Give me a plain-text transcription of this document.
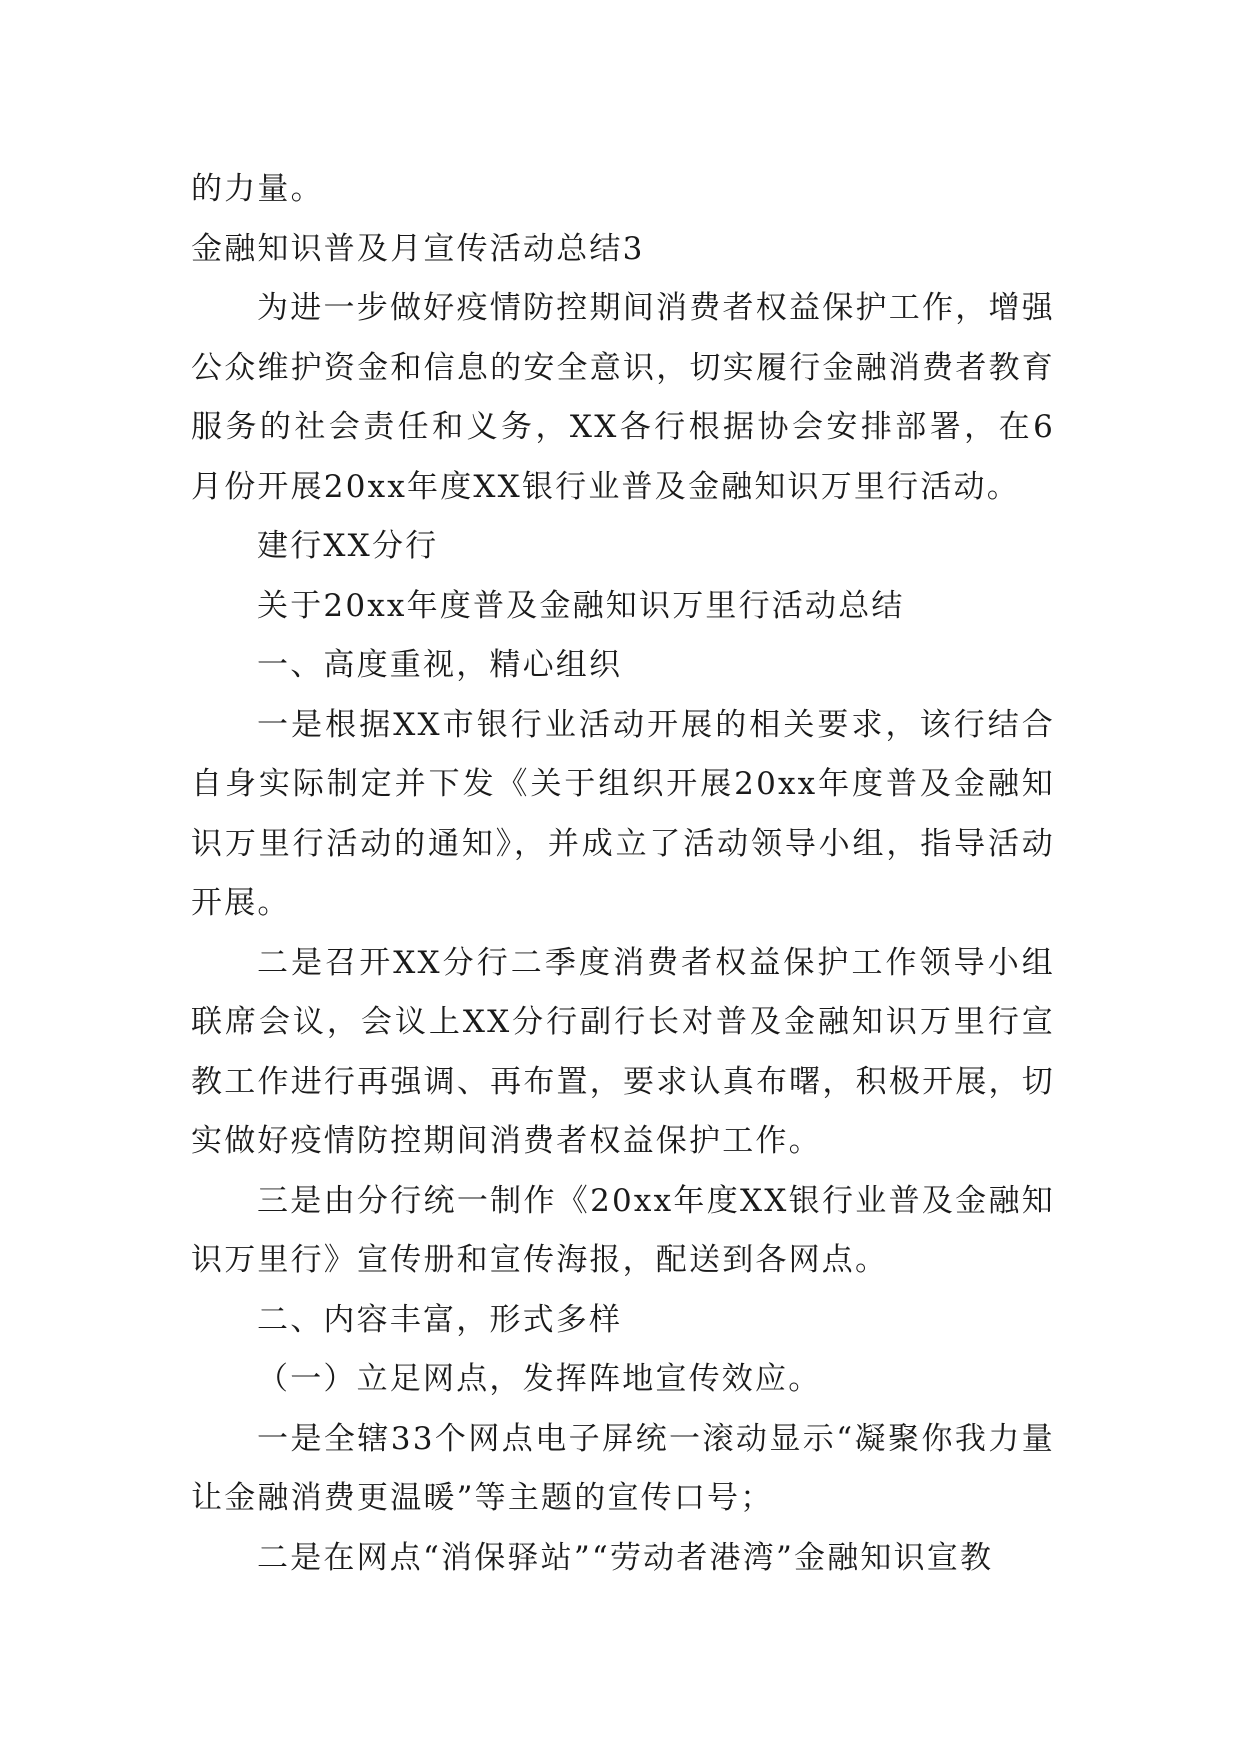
的力量。

金融知识普及月宣传活动总结3

为进一步做好疫情防控期间消费者权益保护工作，增强公众维护资金和信息的安全意识，切实履行金融消费者教育服务的社会责任和义务，XX各行根据协会安排部署，在6月份开展20xx年度XX银行业普及金融知识万里行活动。

建行XX分行

关于20xx年度普及金融知识万里行活动总结

一、高度重视，精心组织

一是根据XX市银行业活动开展的相关要求，该行结合自身实际制定并下发《关于组织开展20xx年度普及金融知识万里行活动的通知》，并成立了活动领导小组，指导活动开展。

二是召开XX分行二季度消费者权益保护工作领导小组联席会议，会议上XX分行副行长对普及金融知识万里行宣教工作进行再强调、再布置，要求认真布曙，积极开展，切实做好疫情防控期间消费者权益保护工作。

三是由分行统一制作《20xx年度XX银行业普及金融知识万里行》宣传册和宣传海报，配送到各网点。

二、内容丰富，形式多样

（一）立足网点，发挥阵地宣传效应。

一是全辖33个网点电子屏统一滚动显示“凝聚你我力量让金融消费更温暖”等主题的宣传口号；

二是在网点“消保驿站”“劳动者港湾”金融知识宣教
